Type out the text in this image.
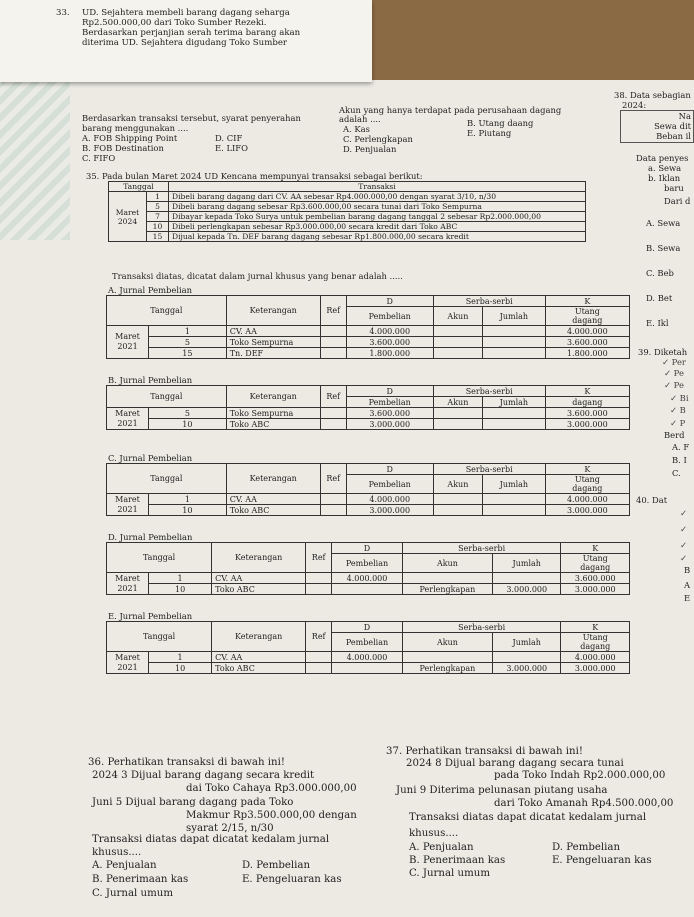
33. UD. Sejahtera membeli barang dagang seharga
Rp2.500.000,00 dari Toko Sumber Rezeki.
Berdasarkan perjanjian serah terima barang akan
diterima UD. Sejahtera digudang Toko Sumber
Berdasarkan transaksi tersebut, syarat penyerahan
barang menggunakan ....
A. FOB Shipping Point
B. FOB Destination
C. FIFO
D. CIF
E. LIFO
Akun yang hanya terdapat pada perusahaan dagang
adalah ....
A. Kas
C. Perlengkapan
D. Penjualan
B. Utang daang
E. Piutang
35. Pada bulan Maret 2024 UD Kencana mempunyai transaksi sebagai berikut:
Tanggal		Transaksi
Maret
2024	1	Dibeli barang dagang dari CV. AA sebesar Rp4.000.000,00 dengan syarat 3/10, n/30
	5	Dibeli barang dagang sebesar Rp3.600.000,00 secara tunai dari Toko Sempurna
	7	Dibayar kepada Toko Surya untuk pembelian barang dagang tanggal 2 sebesar Rp2.000.000,00
	10	Dibeli perlengkapan sebesar Rp3.000.000,00 secara kredit dari Toko ABC
	15	Dijual kepada Tn. DEF barang dagang sebesar Rp1.800.000,00 secara kredit
Transaksi diatas, dicatat dalam jurnal khusus yang benar adalah .....
A. Jurnal Pembelian
Tanggal		Keterangan	Ref	D	Serba-serbi		K
				Pembelian	Akun	Jumlah	Utang
dagang
Maret
2021	1	CV. AA		4.000.000			4.000.000
	5	Toko Sempurna		3.600.000			3.600.000
	15	Tn. DEF		1.800.000			1.800.000
B. Jurnal Pembelian
Tanggal		Keterangan	Ref	D	Serba-serbi		K
				Pembelian	Akun	Jumlah	dagang
Maret
2021	5	Toko Sempurna		3.600.000			3.600.000
	10	Toko ABC		3.000.000			3.000.000
C. Jurnal Pembelian
Tanggal		Keterangan	Ref	D	Serba-serbi		K
				Pembelian	Akun	Jumlah	Utang
dagang
Maret
2021	1	CV. AA		4.000.000			4.000.000
	10	Toko ABC		3.000.000			3.000.000
D. Jurnal Pembelian
Tanggal		Keterangan	Ref	D	Serba-serbi		K
				Pembelian	Akun	Jumlah	Utang
dagang
Maret
2021	1	CV. AA		4.000.000			3.600.000
	10	Toko ABC			Perlengkapan	3.000.000	3.000.000
E. Jurnal Pembelian
Tanggal		Keterangan	Ref	D	Serba-serbi		K
				Pembelian	Akun	Jumlah	Utang
dagang
Maret
2021	1	CV. AA		4.000.000			4.000.000
	10	Toko ABC			Perlengkapan	3.000.000	3.000.000
36. Perhatikan transaksi di bawah ini!
2024 3 Dijual barang dagang secara kredit
dai Toko Cahaya Rp3.000.000,00
Juni 5 Dijual barang dagang pada Toko
Makmur Rp3.500.000,00 dengan
syarat 2/15, n/30
Transaksi diatas dapat dicatat kedalam jurnal
khusus....
A. Penjualan
B. Penerimaan kas
C. Jurnal umum
D. Pembelian
E. Pengeluaran kas
37. Perhatikan transaksi di bawah ini!
2024 8 Dijual barang dagang secara tunai
pada Toko Indah Rp2.000.000,00
Juni 9 Diterima pelunasan piutang usaha
dari Toko Amanah Rp4.500.000,00
Transaksi diatas dapat dicatat kedalam jurnal
khusus....
A. Penjualan
B. Penerimaan kas
C. Jurnal umum
D. Pembelian
E. Pengeluaran kas
38. Data sebagian
2024:
Na
Sewa dit
Beban il
Data penyes
a. Sewa
b. Iklan
baru
Dari d
A. Sewa
B. Sewa
C. Beb
D. Bet
E. Ikl
39. Diketah
✓ Per
✓ Pe
✓ Pe
✓ Bi
✓ B
✓ P
Berd
A. F
B. I
C.
40. Dat
✓
✓
✓
✓
B
A
E
